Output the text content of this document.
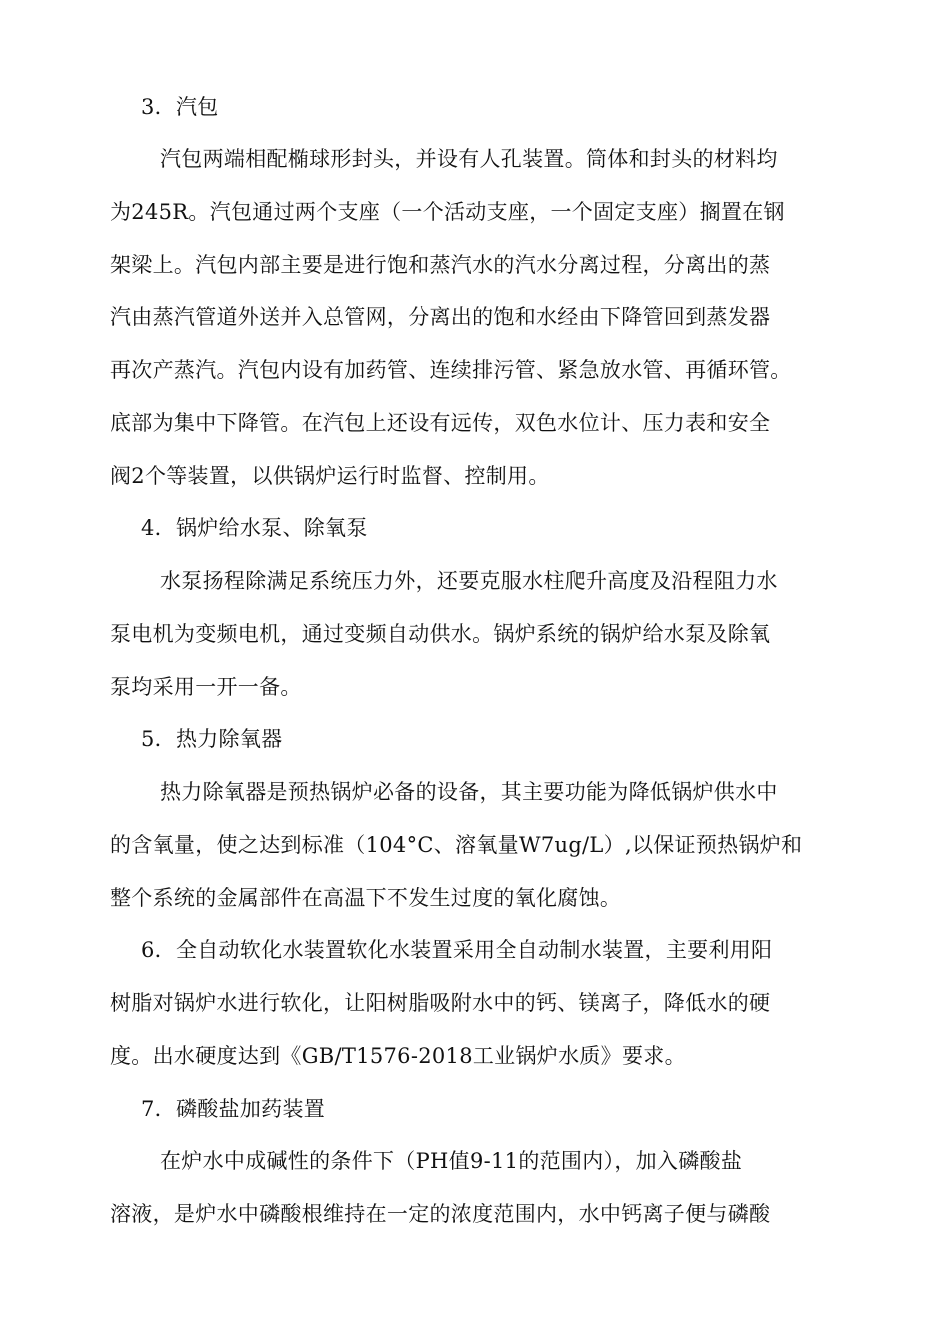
3．汽包
汽包两端相配椭球形封头，并设有人孔装置。筒体和封头的材料均
为245R。汽包通过两个支座（一个活动支座，一个固定支座）搁置在钢
架梁上。汽包内部主要是进行饱和蒸汽水的汽水分离过程，分离出的蒸
汽由蒸汽管道外送并入总管网，分离出的饱和水经由下降管回到蒸发器
再次产蒸汽。汽包内设有加药管、连续排污管、紧急放水管、再循环管。
底部为集中下降管。在汽包上还设有远传，双色水位计、压力表和安全
阀2个等装置，以供锅炉运行时监督、控制用。
4．锅炉给水泵、除氧泵
水泵扬程除满足系统压力外，还要克服水柱爬升高度及沿程阻力水
泵电机为变频电机，通过变频自动供水。锅炉系统的锅炉给水泵及除氧
泵均采用一开一备。
5．热力除氧器
热力除氧器是预热锅炉必备的设备，其主要功能为降低锅炉供水中
的含氧量，使之达到标准（104°C、溶氧量W7ug/L）,以保证预热锅炉和
整个系统的金属部件在高温下不发生过度的氧化腐蚀。
6．全自动软化水装置软化水装置采用全自动制水装置，主要利用阳
树脂对锅炉水进行软化，让阳树脂吸附水中的钙、镁离子，降低水的硬
度。出水硬度达到《GB/T1576-2018工业锅炉水质》要求。
7．磷酸盐加药装置
在炉水中成碱性的条件下（PH值9-11的范围内），加入磷酸盐
溶液，是炉水中磷酸根维持在一定的浓度范围内，水中钙离子便与磷酸
